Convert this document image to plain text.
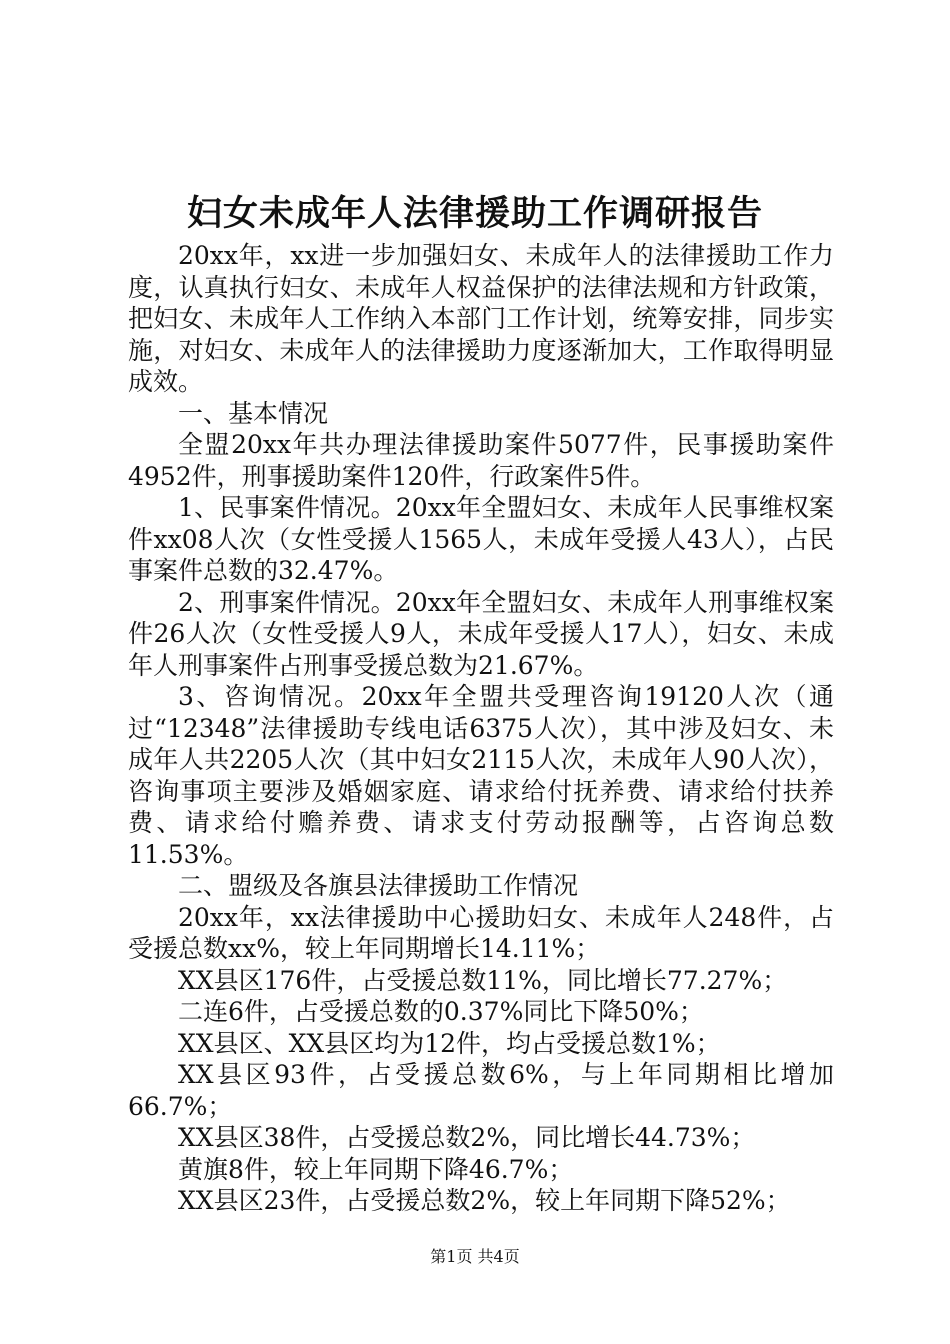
妇女未成年人法律援助工作调研报告

20xx年，xx进一步加强妇女、未成年人的法律援助工作力度，认真执行妇女、未成年人权益保护的法律法规和方针政策，把妇女、未成年人工作纳入本部门工作计划，统筹安排，同步实施，对妇女、未成年人的法律援助力度逐渐加大，工作取得明显成效。

一、基本情况

全盟20xx年共办理法律援助案件5077件，民事援助案件4952件，刑事援助案件120件，行政案件5件。

1、民事案件情况。20xx年全盟妇女、未成年人民事维权案件xx08人次（女性受援人1565人，未成年受援人43人），占民事案件总数的32.47%。

2、刑事案件情况。20xx年全盟妇女、未成年人刑事维权案件26人次（女性受援人9人，未成年受援人17人），妇女、未成年人刑事案件占刑事受援总数为21.67%。

3、咨询情况。20xx年全盟共受理咨询19120人次（通过“12348”法律援助专线电话6375人次），其中涉及妇女、未成年人共2205人次（其中妇女2115人次，未成年人90人次），咨询事项主要涉及婚姻家庭、请求给付抚养费、请求给付扶养费、请求给付赡养费、请求支付劳动报酬等，占咨询总数11.53%。

二、盟级及各旗县法律援助工作情况

20xx年，xx法律援助中心援助妇女、未成年人248件，占受援总数xx%，较上年同期增长14.11%；

XX县区176件，占受援总数11%，同比增长77.27%；

二连6件，占受援总数的0.37%同比下降50%；

XX县区、XX县区均为12件，均占受援总数1%；

XX县区93件，占受援总数6%，与上年同期相比增加66.7%；

XX县区38件，占受援总数2%，同比增长44.73%；

黄旗8件，较上年同期下降46.7%；

XX县区23件，占受援总数2%，较上年同期下降52%；

第1页 共4页
